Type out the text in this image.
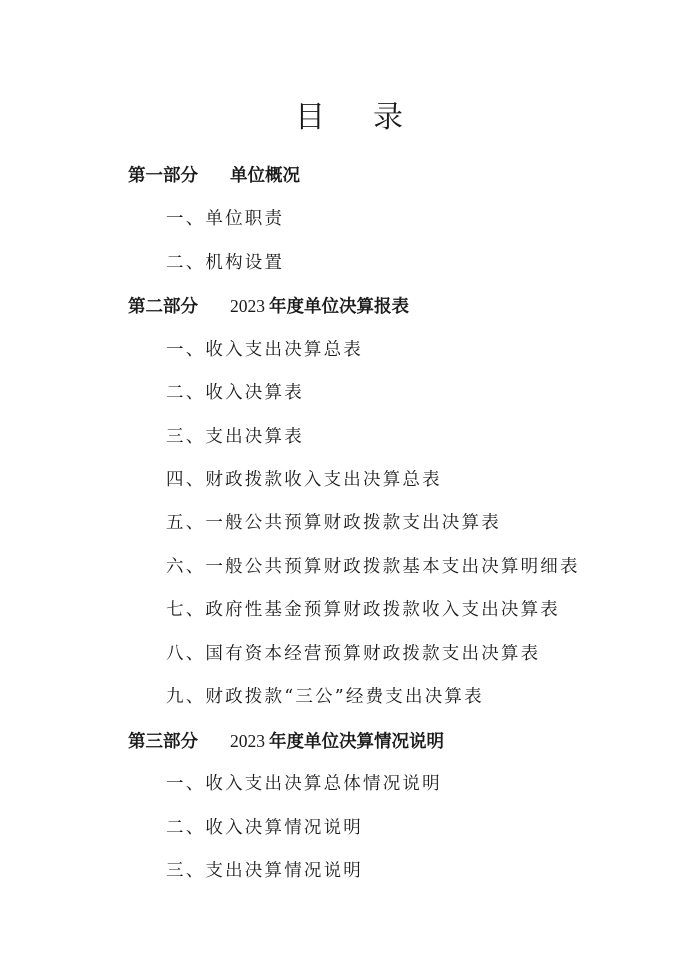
目 录
第一部分 单位概况
一、单位职责
二、机构设置
第二部分 2023 年度单位决算报表
一、收入支出决算总表
二、收入决算表
三、支出决算表
四、财政拨款收入支出决算总表
五、一般公共预算财政拨款支出决算表
六、一般公共预算财政拨款基本支出决算明细表
七、政府性基金预算财政拨款收入支出决算表
八、国有资本经营预算财政拨款支出决算表
九、财政拨款“三公”经费支出决算表
第三部分 2023 年度单位决算情况说明
一、收入支出决算总体情况说明
二、收入决算情况说明
三、支出决算情况说明
